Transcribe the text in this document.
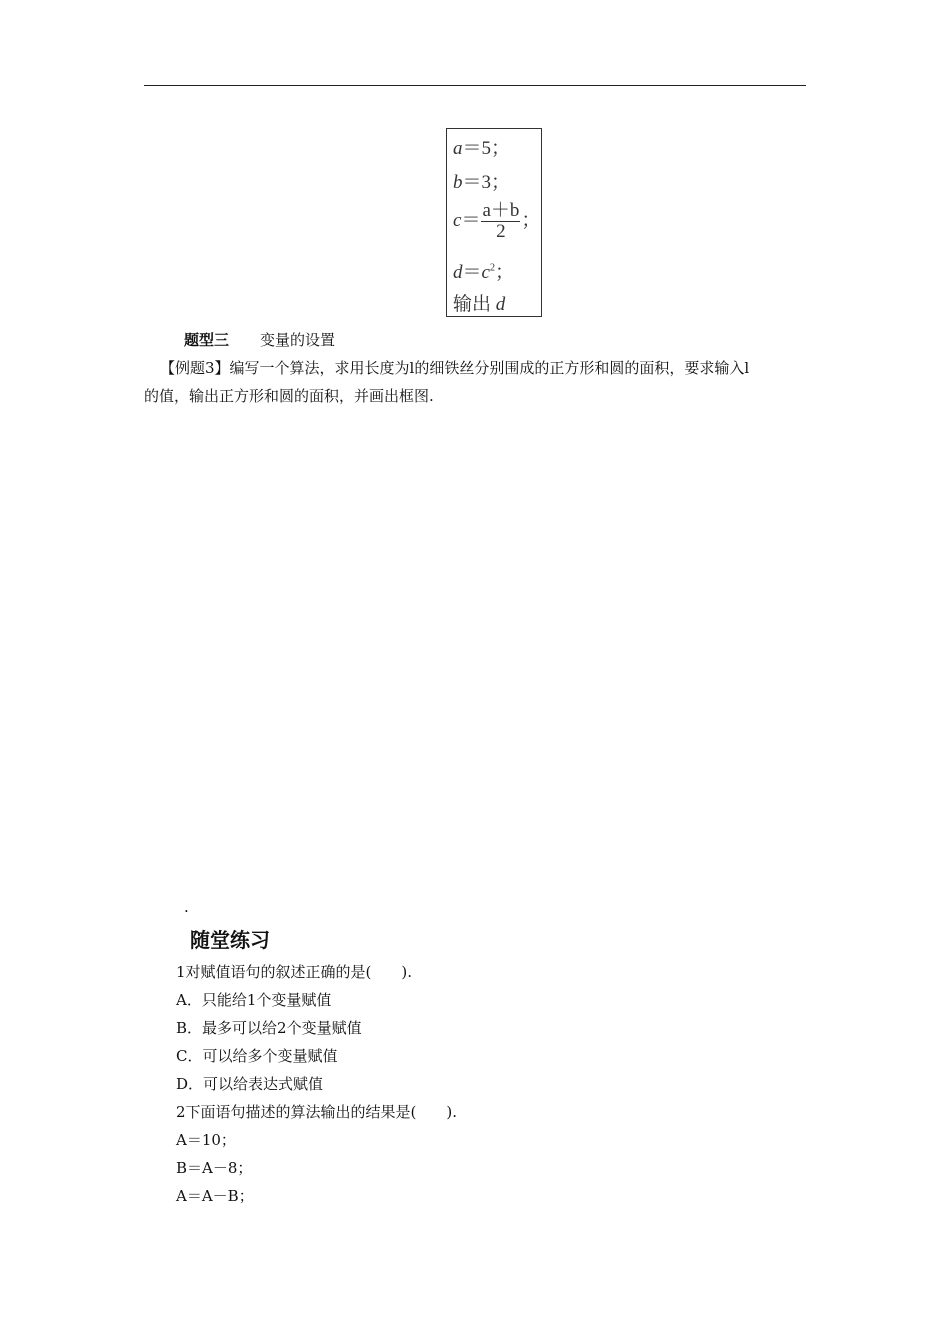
a＝5；
b＝3；
$c= \frac{a+b}{2}$ ；
$d=c^2$；
输出 d
题型三 变量的设置
【例题3】编写一个算法，求用长度为l的细铁丝分别围成的正方形和圆的面积，要求输入l
的值，输出正方形和圆的面积，并画出框图.
.
随堂练习
1对赋值语句的叙述正确的是(　　).
A．只能给1个变量赋值
B．最多可以给2个变量赋值
C．可以给多个变量赋值
D．可以给表达式赋值
2下面语句描述的算法输出的结果是(　　).
A＝10；
B＝A－8；
A＝A－B；
